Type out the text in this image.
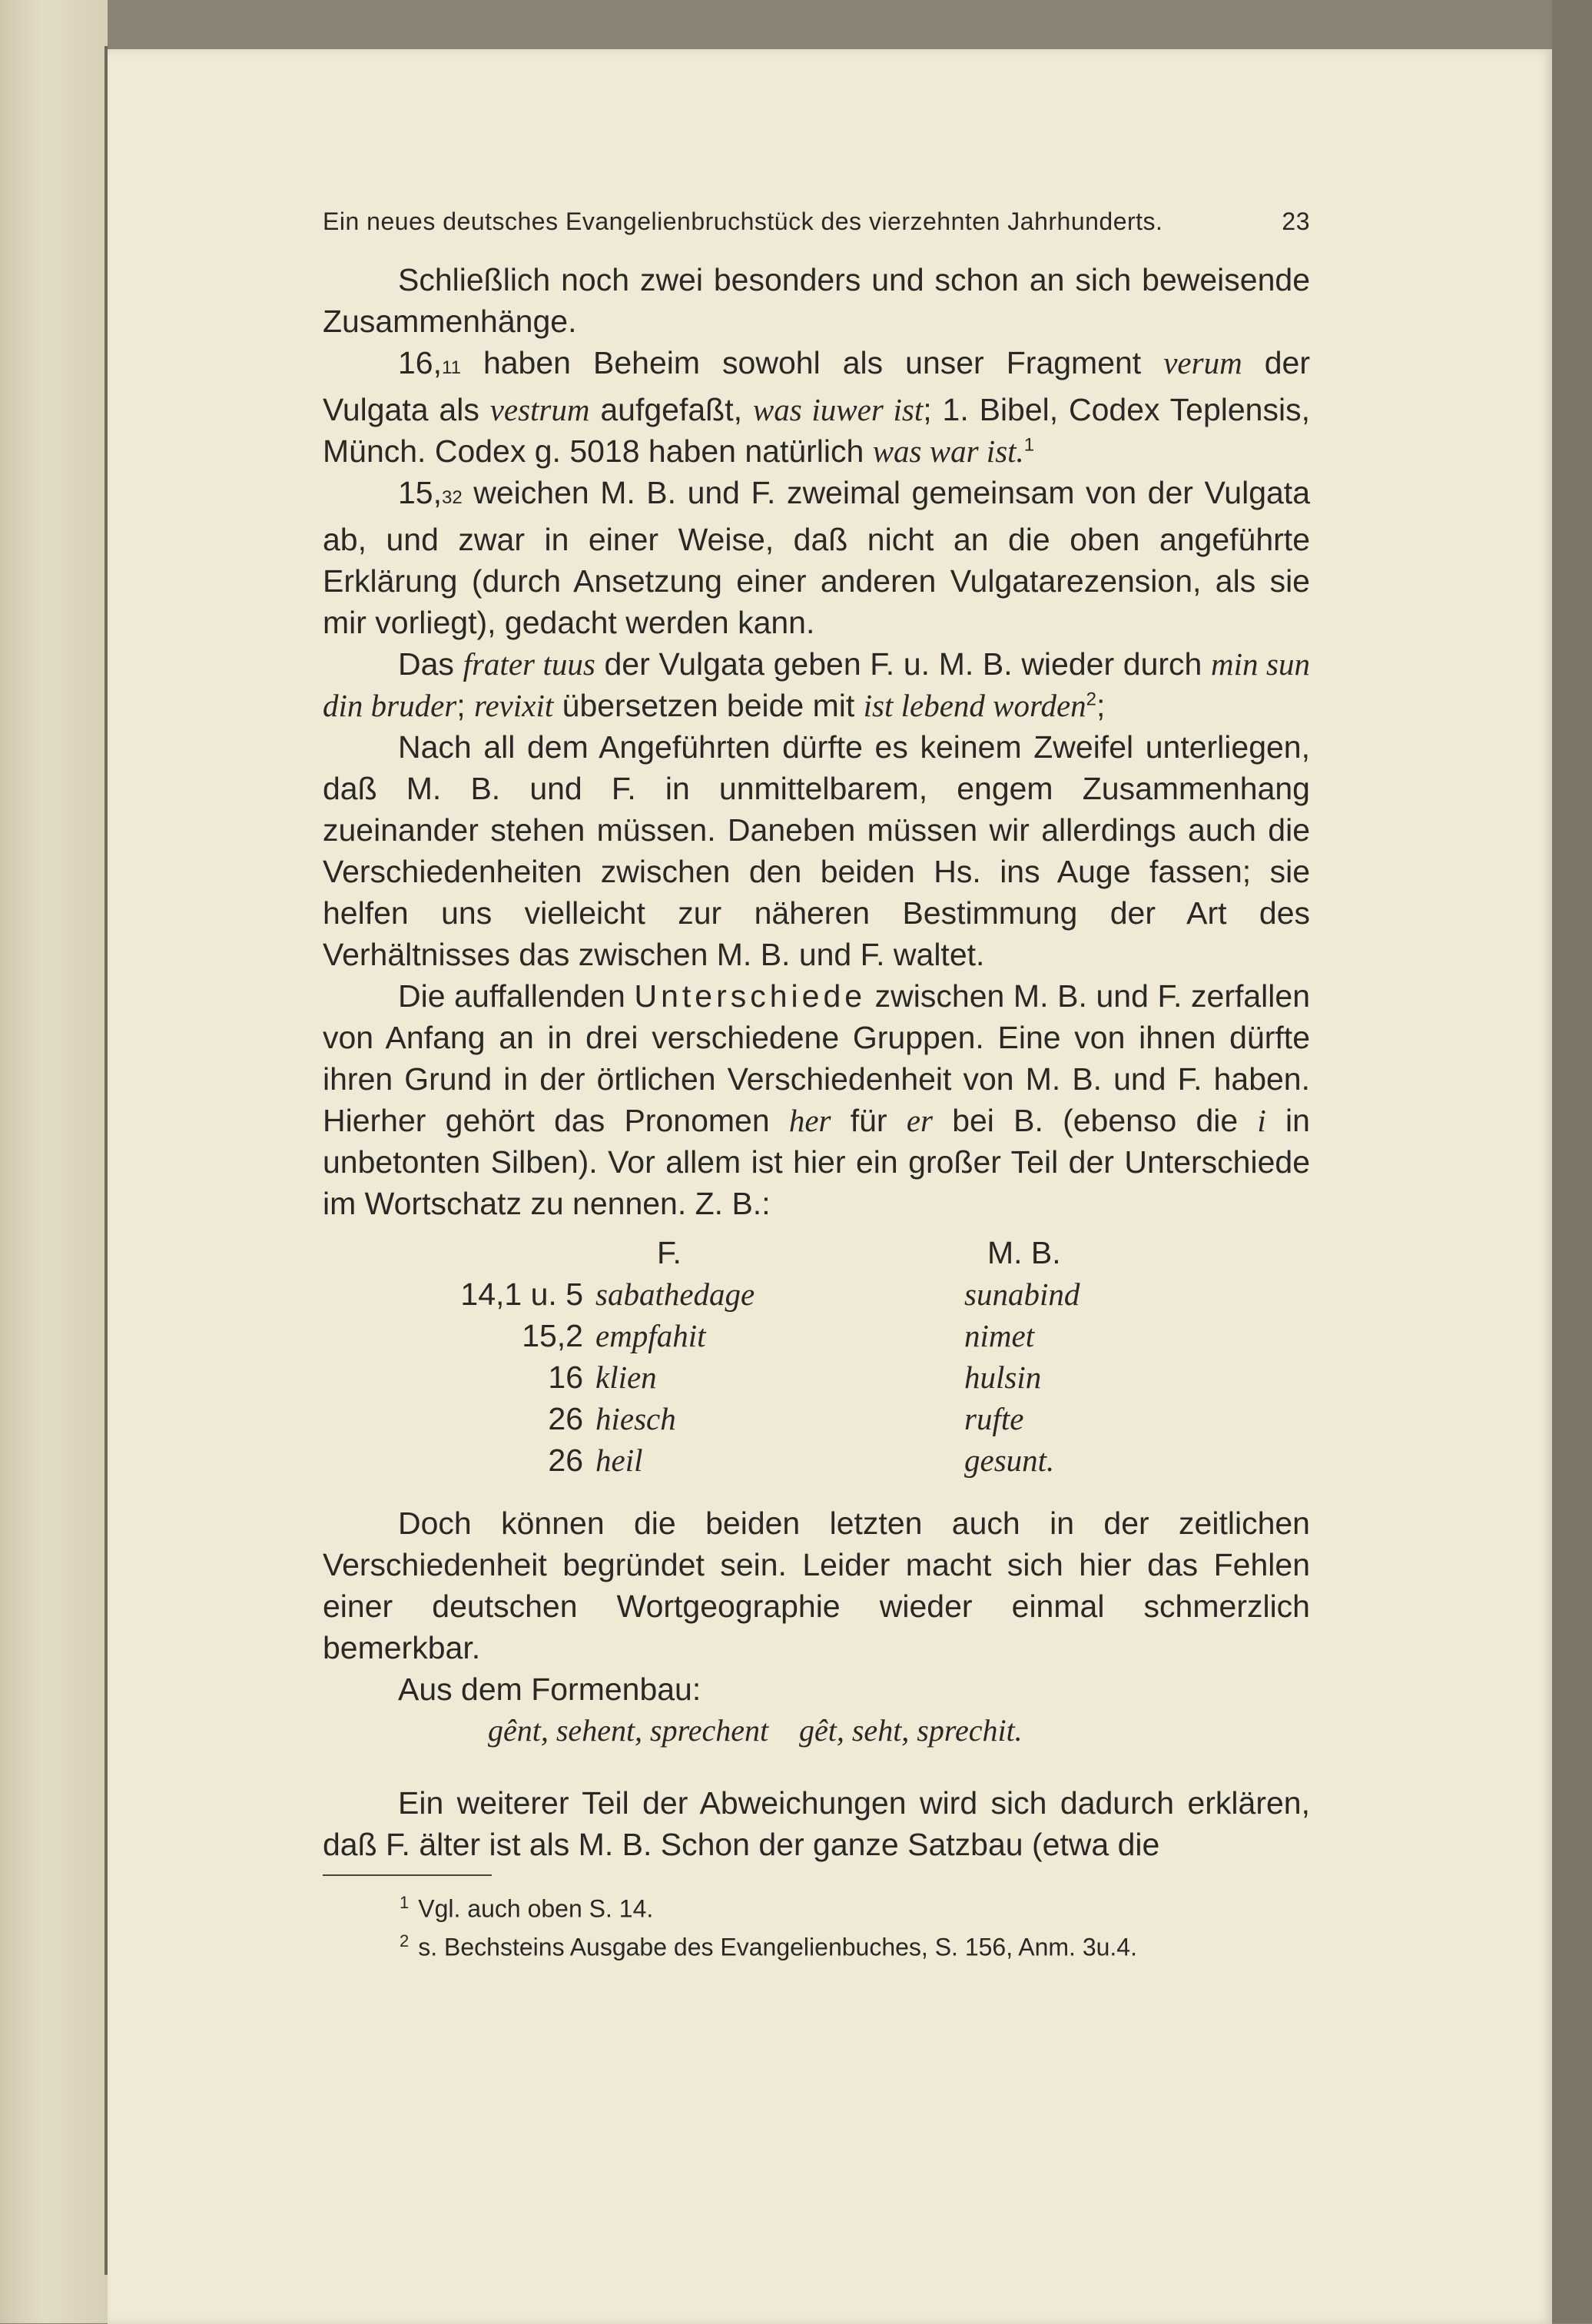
Ein neues deutsches Evangelienbruchstück des vierzehnten Jahrhunderts.	23

Schließlich noch zwei besonders und schon an sich beweisende Zusammenhänge.

16,11 haben Beheim sowohl als unser Fragment verum der Vulgata als vestrum aufgefaßt, was iuwer ist; 1. Bibel, Codex Teplensis, Münch. Codex g. 5018 haben natürlich was war ist.$^1$

15,32 weichen M. B. und F. zweimal gemeinsam von der Vulgata ab, und zwar in einer Weise, daß nicht an die oben angeführte Erklärung (durch Ansetzung einer anderen Vulgatarezension, als sie mir vorliegt), gedacht werden kann.

Das frater tuus der Vulgata geben F. u. M. B. wieder durch min sun din bruder; revixit übersetzen beide mit ist lebend worden$^2$;

Nach all dem Angeführten dürfte es keinem Zweifel unterliegen, daß M. B. und F. in unmittelbarem, engem Zusammenhang zueinander stehen müssen. Daneben müssen wir allerdings auch die Verschiedenheiten zwischen den beiden Hs. ins Auge fassen; sie helfen uns vielleicht zur näheren Bestimmung der Art des Verhältnisses das zwischen M. B. und F. waltet.

Die auffallenden Unterschiede zwischen M. B. und F. zerfallen von Anfang an in drei verschiedene Gruppen. Eine von ihnen dürfte ihren Grund in der örtlichen Verschiedenheit von M. B. und F. haben. Hierher gehört das Pronomen her für er bei B. (ebenso die i in unbetonten Silben). Vor allem ist hier ein großer Teil der Unterschiede im Wortschatz zu nennen. Z. B.:

F.	M. B.
14,1 u. 5 sabathedage	sunabind
15,2 empfahit	nimet
16 klien	hulsin
26 hiesch	rufte
26 heil	gesunt.

Doch können die beiden letzten auch in der zeitlichen Verschiedenheit begründet sein. Leider macht sich hier das Fehlen einer deutschen Wortgeographie wieder einmal schmerzlich bemerkbar.

Aus dem Formenbau:

gênt, sehent, sprechent gêt, seht, sprechit.

Ein weiterer Teil der Abweichungen wird sich dadurch erklären, daß F. älter ist als M. B. Schon der ganze Satzbau (etwa die

$^1$ Vgl. auch oben S. 14.
$^2$ s. Bechsteins Ausgabe des Evangelienbuches, S. 156, Anm. 3u.4.
